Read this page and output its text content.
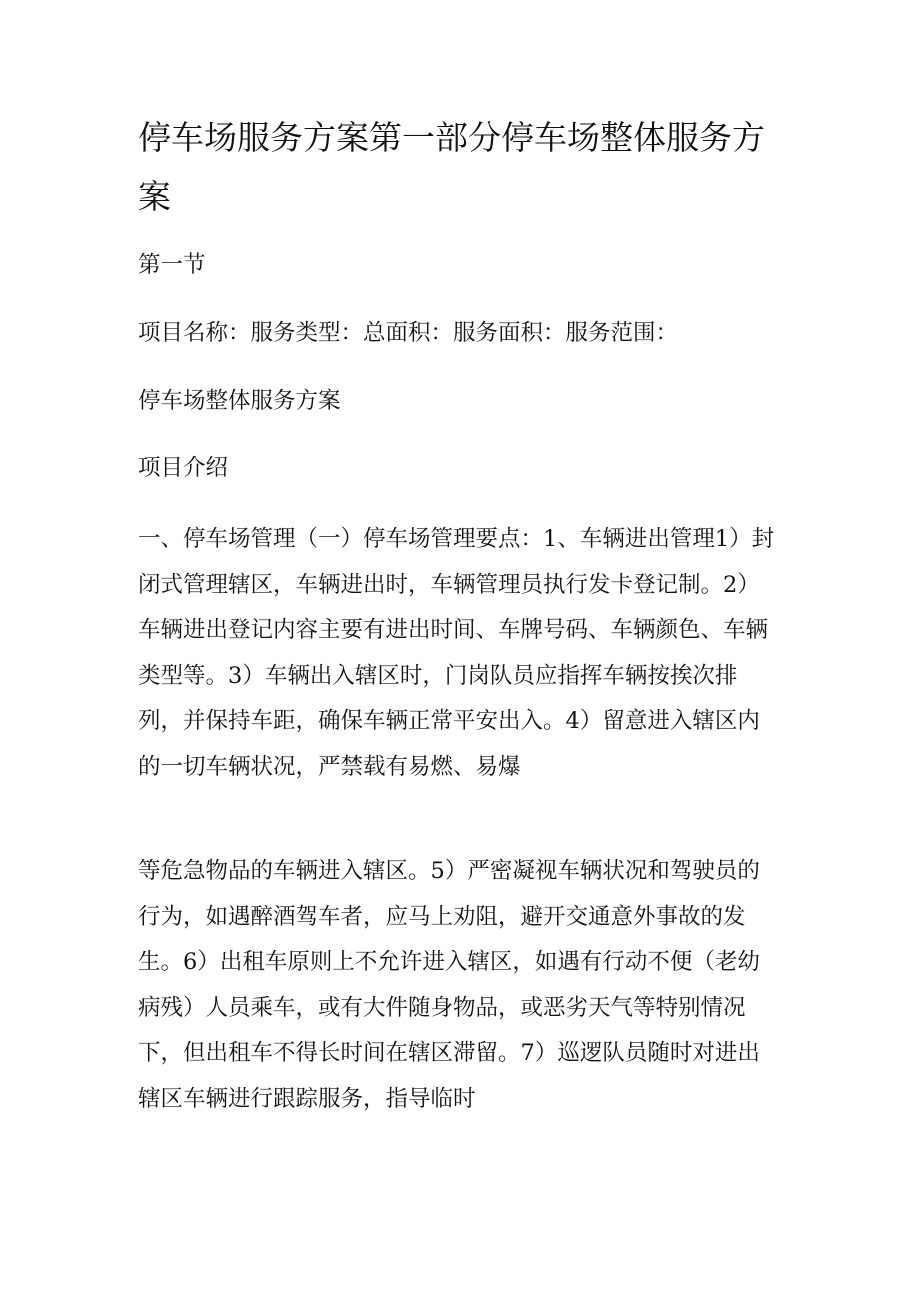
停车场服务方案第一部分停车场整体服务方案

第一节

项目名称：服务类型：总面积：服务面积：服务范围：

停车场整体服务方案

项目介绍

一、停车场管理（一）停车场管理要点：1、车辆进出管理1）封闭式管理辖区，车辆进出时，车辆管理员执行发卡登记制。2）车辆进出登记内容主要有进出时间、车牌号码、车辆颜色、车辆类型等。3）车辆出入辖区时，门岗队员应指挥车辆按挨次排列，并保持车距，确保车辆正常平安出入。4）留意进入辖区内的一切车辆状况，严禁载有易燃、易爆

等危急物品的车辆进入辖区。5）严密凝视车辆状况和驾驶员的行为，如遇醉酒驾车者，应马上劝阻，避开交通意外事故的发生。6）出租车原则上不允许进入辖区，如遇有行动不便（老幼病残）人员乘车，或有大件随身物品，或恶劣天气等特别情况下，但出租车不得长时间在辖区滞留。7）巡逻队员随时对进出辖区车辆进行跟踪服务，指导临时
